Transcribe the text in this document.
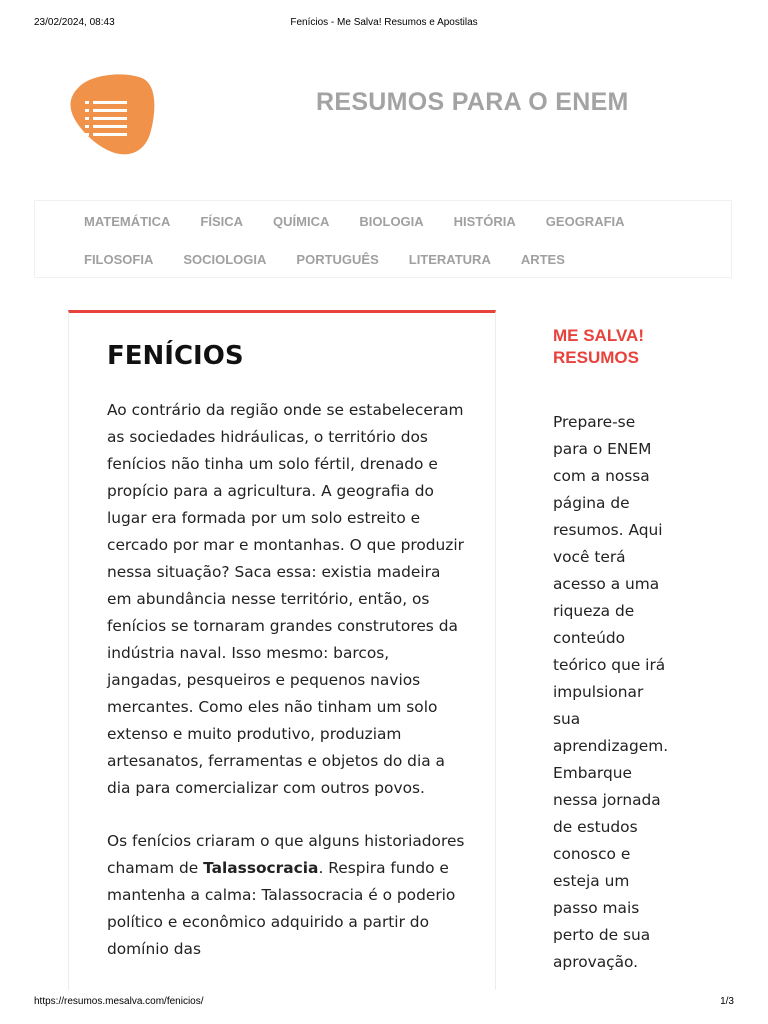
23/02/2024, 08:43	Fenícios - Me Salva! Resumos e Apostilas
RESUMOS PARA O ENEM
MATEMÁTICA FÍSICA QUÍMICA BIOLOGIA HISTÓRIA GEOGRAFIA
FILOSOFIA SOCIOLOGIA PORTUGUÊS LITERATURA ARTES
FENÍCIOS

Ao contrário da região onde se estabeleceram as sociedades hidráulicas, o território dos fenícios não tinha um solo fértil, drenado e propício para a agricultura. A geografia do lugar era formada por um solo estreito e cercado por mar e montanhas. O que produzir nessa situação? Saca essa: existia madeira em abundância nesse território, então, os fenícios se tornaram grandes construtores da indústria naval. Isso mesmo: barcos, jangadas, pesqueiros e pequenos navios mercantes. Como eles não tinham um solo extenso e muito produtivo, produziam artesanatos, ferramentas e objetos do dia a dia para comercializar com outros povos.

Os fenícios criaram o que alguns historiadores chamam de Talassocracia. Respira fundo e mantenha a calma: Talassocracia é o poderio político e econômico adquirido a partir do domínio das

ME SALVA!
RESUMOS
Prepare-se para o ENEM com a nossa página de resumos. Aqui você terá acesso a uma riqueza de conteúdo teórico que irá impulsionar sua aprendizagem. Embarque nessa jornada de estudos conosco e esteja um passo mais perto de sua aprovação.
https://resumos.mesalva.com/fenicios/	1/3
